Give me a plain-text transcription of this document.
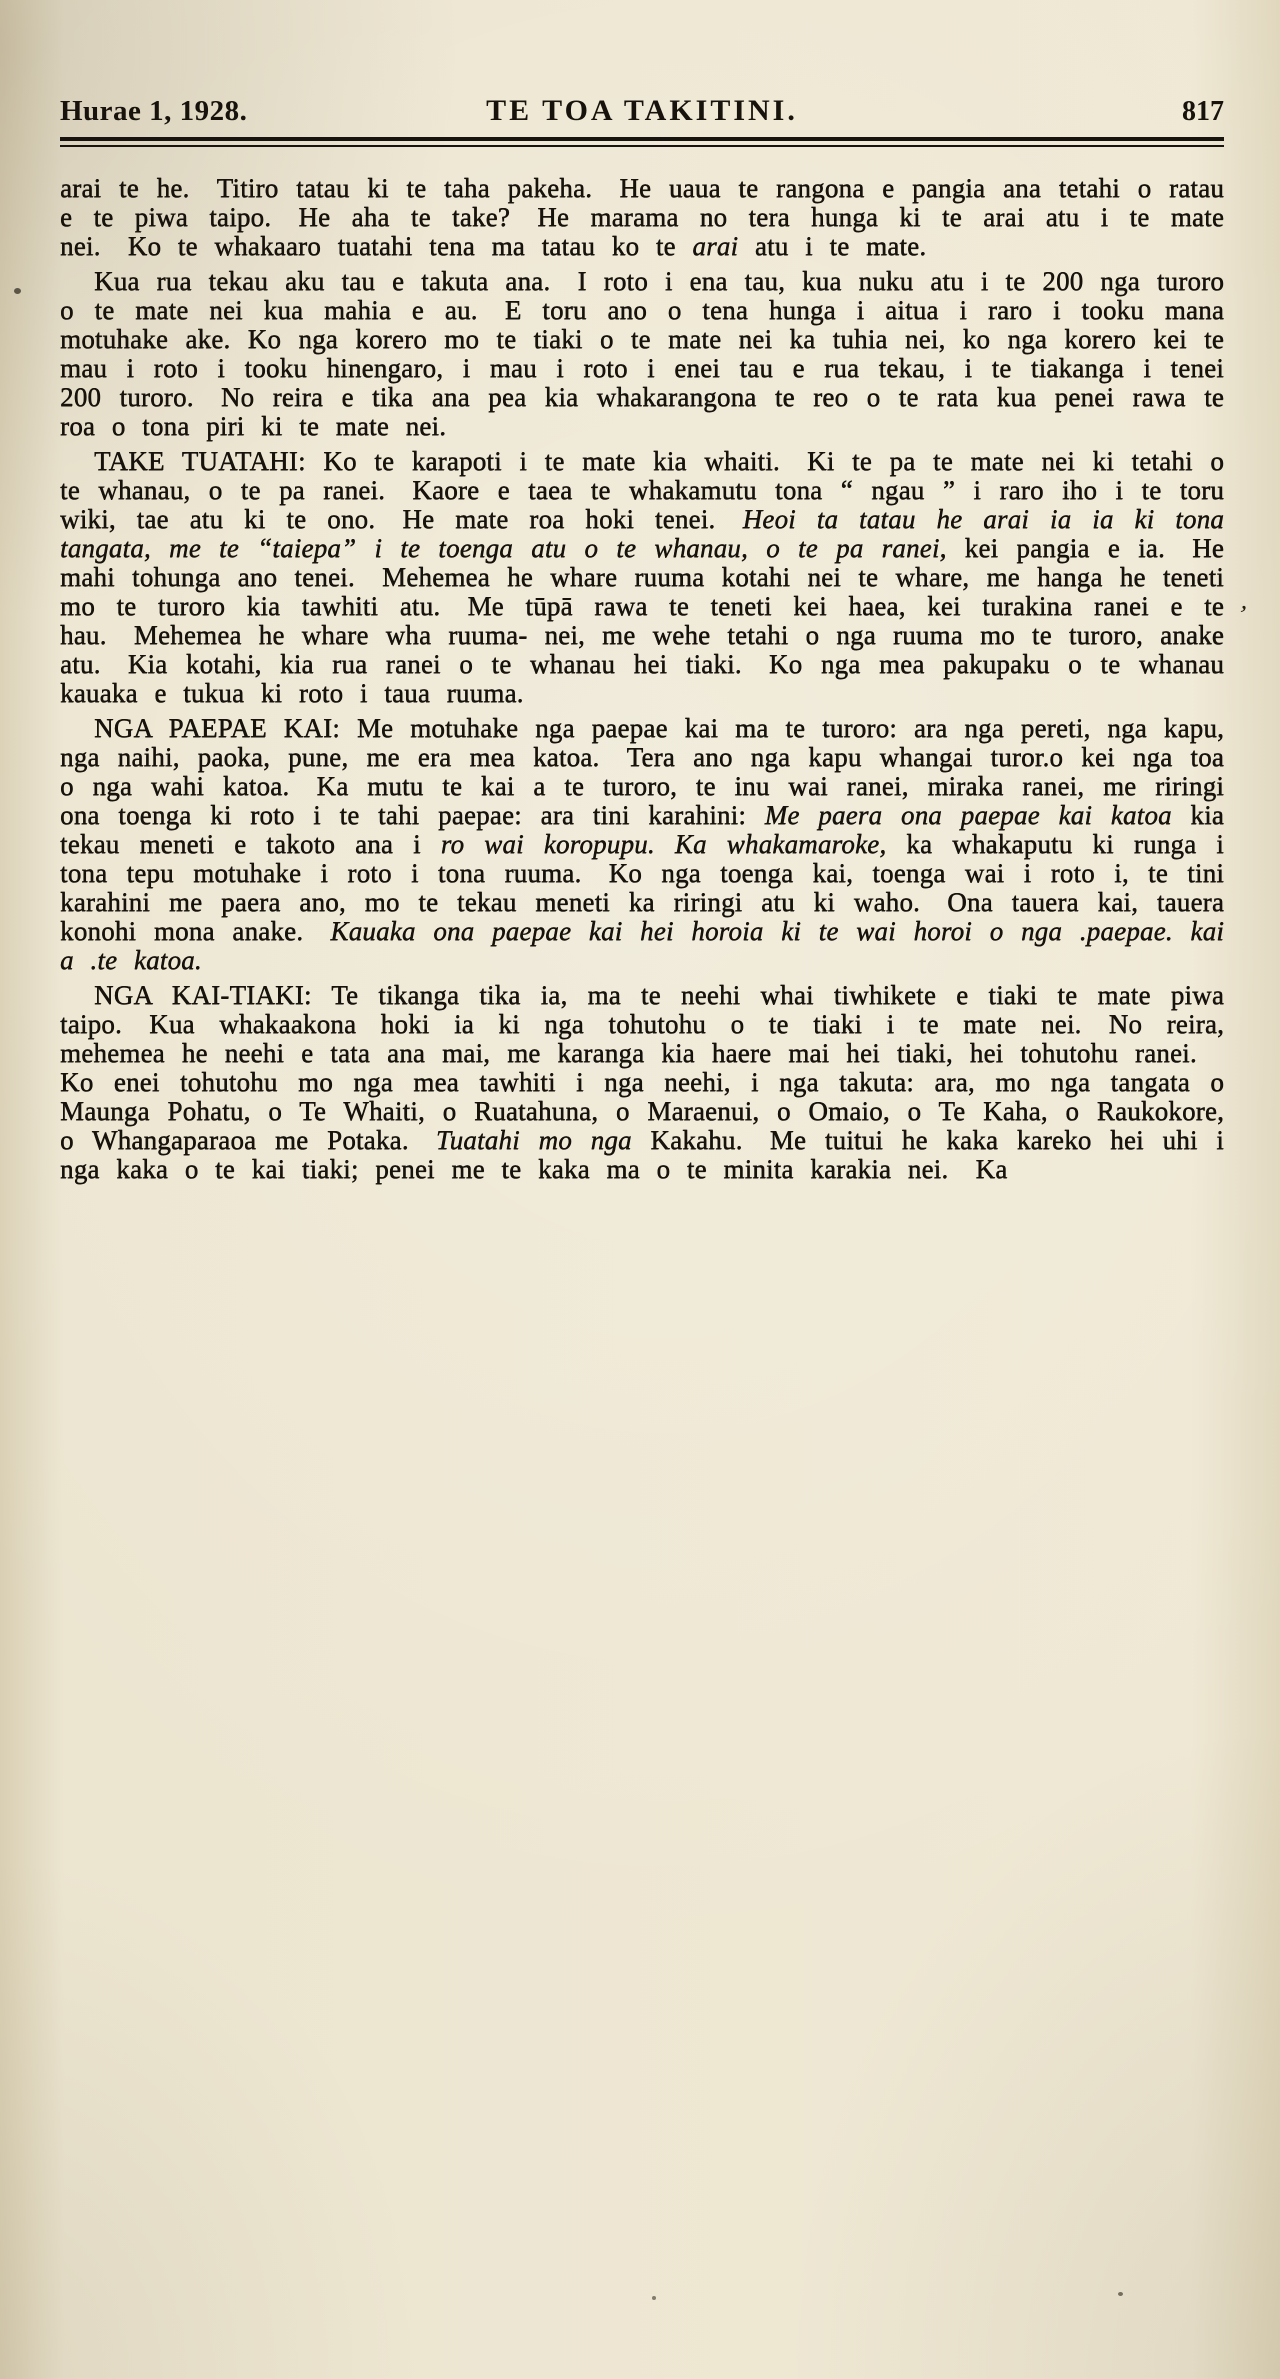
Hurae 1, 1928.	TE TOA TAKITINI.	817

arai te he. Titiro tatau ki te taha pakeha. He uaua te rangona e pangia ana tetahi o ratau e te piwa taipo. He aha te take? He marama no tera hunga ki te arai atu i te mate nei. Ko te whakaaro tuatahi tena ma tatau ko te arai atu i te mate.

Kua rua tekau aku tau e takuta ana. I roto i ena tau, kua nuku atu i te 200 nga turoro o te mate nei kua mahia e au. E toru ano o tena hunga i aitua i raro i tooku mana motuhake ake. Ko nga korero mo te tiaki o te mate nei ka tuhia nei, ko nga korero kei te mau i roto i tooku hinengaro, i mau i roto i enei tau e rua tekau, i te tiakanga i tenei 200 turoro. No reira e tika ana pea kia whakarangona te reo o te rata kua penei rawa te roa o tona piri ki te mate nei.

TAKE TUATAHI: Ko te karapoti i te mate kia whaiti. Ki te pa te mate nei ki tetahi o te whanau, o te pa ranei. Kaore e taea te whakamutu tona “ ngau ” i raro iho i te toru wiki, tae atu ki te ono. He mate roa hoki tenei. Heoi ta tatau he arai ia ia ki tona tangata, me te “taiepa” i te toenga atu o te whanau, o te pa ranei, kei pangia e ia. He mahi tohunga ano tenei. Mehemea he whare ruuma kotahi nei te whare, me hanga he teneti mo te turoro kia tawhiti atu. Me tūpā rawa te teneti kei haea, kei turakina ranei e te hau. Mehemea he whare wha ruuma- nei, me wehe tetahi o nga ruuma mo te turoro, anake atu. Kia kotahi, kia rua ranei o te whanau hei tiaki. Ko nga mea pakupaku o te whanau kauaka e tukua ki roto i taua ruuma.

NGA PAEPAE KAI: Me motuhake nga paepae kai ma te turoro: ara nga pereti, nga kapu, nga naihi, paoka, pune, me era mea katoa. Tera ano nga kapu whangai turor.o kei nga toa o nga wahi katoa. Ka mutu te kai a te turoro, te inu wai ranei, miraka ranei, me riringi ona toenga ki roto i te tahi paepae: ara tini karahini: Me paera ona paepae kai katoa kia tekau meneti e takoto ana i ro wai koropupu. Ka whakamaroke, ka whakaputu ki runga i tona tepu motuhake i roto i tona ruuma. Ko nga toenga kai, toenga wai i roto i, te tini karahini me paera ano, mo te tekau meneti ka riringi atu ki waho. Ona tauera kai, tauera konohi mona anake. Kauaka ona paepae kai hei horoia ki te wai horoi o nga .paepae. kai a .te katoa.

NGA KAI-TIAKI: Te tikanga tika ia, ma te neehi whai tiwhikete e tiaki te mate piwa taipo. Kua whakaakona hoki ia ki nga tohutohu o te tiaki i te mate nei. No reira, mehemea he neehi e tata ana mai, me karanga kia haere mai hei tiaki, hei tohutohu ranei. Ko enei tohutohu mo nga mea tawhiti i nga neehi, i nga takuta: ara, mo nga tangata o Maunga Pohatu, o Te Whaiti, o Ruatahuna, o Maraenui, o Omaio, o Te Kaha, o Raukokore, o Whangaparaoa me Potaka. Tuatahi mo nga Kakahu. Me tuitui he kaka kareko hei uhi i nga kaka o te kai tiaki; penei me te kaka ma o te minita karakia nei. Ka

’
